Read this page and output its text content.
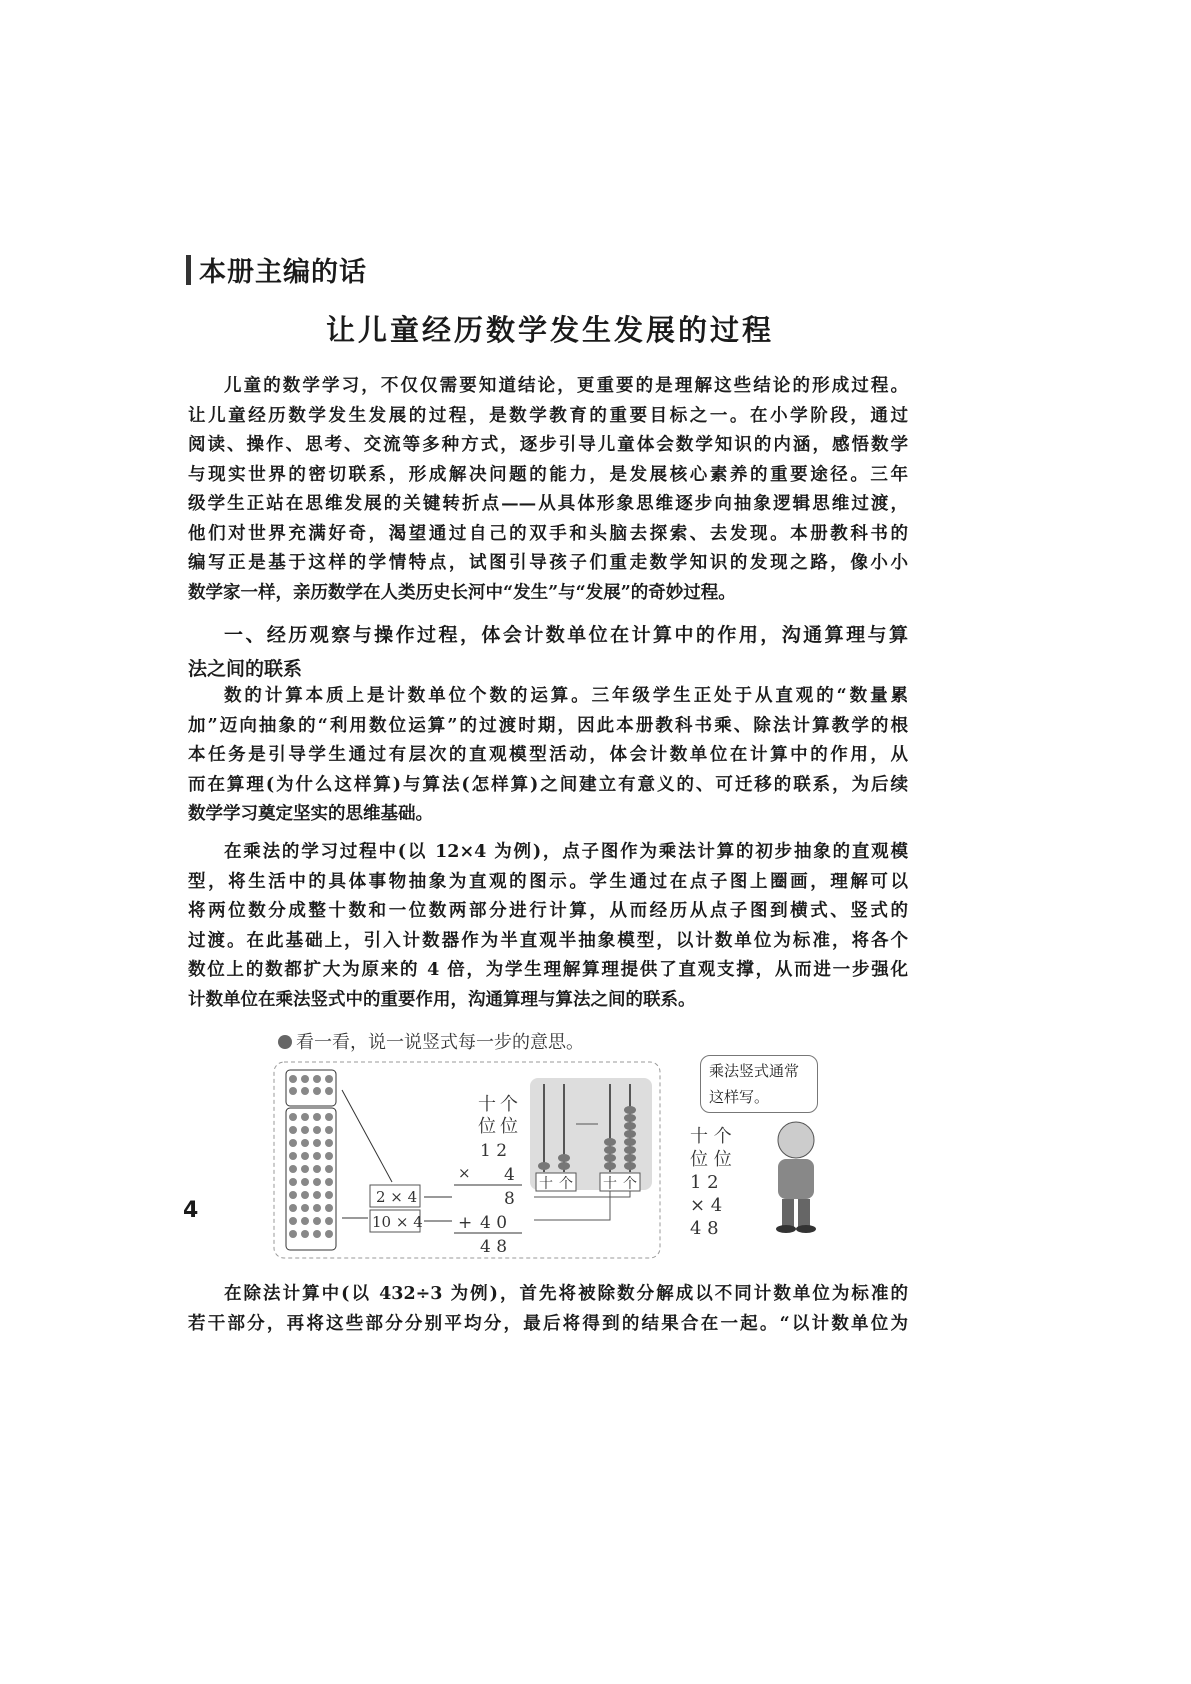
本册主编的话
让儿童经历数学发生发展的过程
儿童的数学学习，不仅仅需要知道结论，更重要的是理解这些结论的形成过程。
让儿童经历数学发生发展的过程，是数学教育的重要目标之一。在小学阶段，通过
阅读、操作、思考、交流等多种方式，逐步引导儿童体会数学知识的内涵，感悟数学
与现实世界的密切联系，形成解决问题的能力，是发展核心素养的重要途径。三年
级学生正站在思维发展的关键转折点——从具体形象思维逐步向抽象逻辑思维过渡，
他们对世界充满好奇，渴望通过自己的双手和头脑去探索、去发现。本册教科书的
编写正是基于这样的学情特点，试图引导孩子们重走数学知识的发现之路，像小小
数学家一样，亲历数学在人类历史长河中“发生”与“发展”的奇妙过程。
一、经历观察与操作过程，体会计数单位在计算中的作用，沟通算理与算
法之间的联系
数的计算本质上是计数单位个数的运算。三年级学生正处于从直观的“数量累
加”迈向抽象的“利用数位运算”的过渡时期，因此本册教科书乘、除法计算教学的根
本任务是引导学生通过有层次的直观模型活动，体会计数单位在计算中的作用，从
而在算理(为什么这样算)与算法(怎样算)之间建立有意义的、可迁移的联系，为后续
数学学习奠定坚实的思维基础。
在乘法的学习过程中(以 12×4 为例)，点子图作为乘法计算的初步抽象的直观模
型，将生活中的具体事物抽象为直观的图示。学生通过在点子图上圈画，理解可以
将两位数分成整十数和一位数两部分进行计算，从而经历从点子图到横式、竖式的
过渡。在此基础上，引入计数器作为半直观半抽象模型，以计数单位为标准，将各个
数位上的数都扩大为原来的 4 倍，为学生理解算理提供了直观支撑，从而进一步强化
计数单位在乘法竖式中的重要作用，沟通算理与算法之间的联系。
看一看，说一说竖式每一步的意思。
2 × 4
10 × 4
十 个
位 位
1 2
× 4
8
+ 4 0
4 8
十 个 十 个
乘法竖式通常这样写。
十 个
位 位
1 2
× 4
4 8
在除法计算中(以 432÷3 为例)，首先将被除数分解成以不同计数单位为标准的
若干部分，再将这些部分分别平均分，最后将得到的结果合在一起。“以计数单位为
4
